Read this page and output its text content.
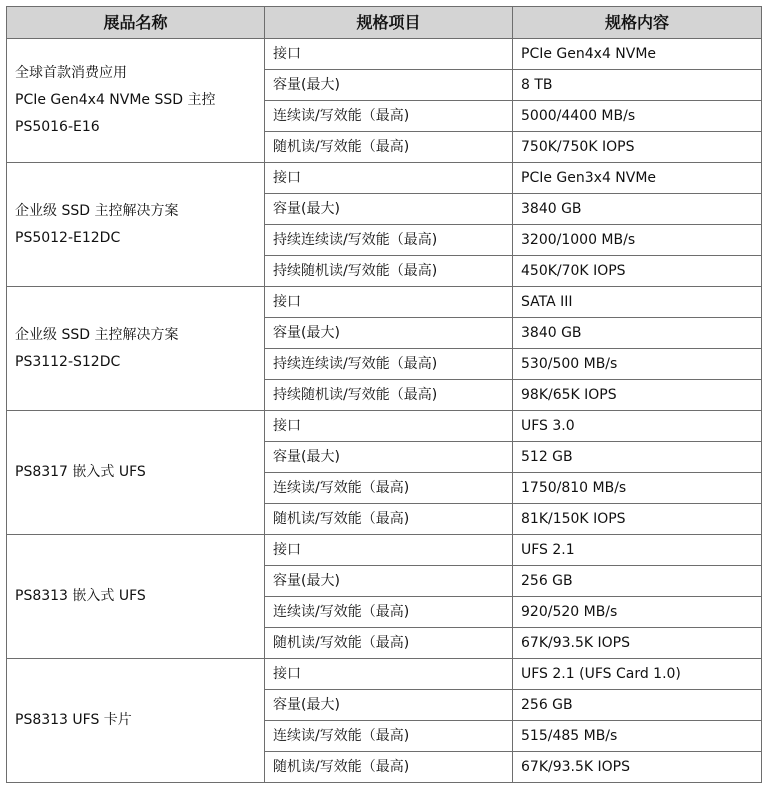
展品名称	规格项目	规格内容

全球首款消费应用
PCIe Gen4x4 NVMe SSD 主控
PS5016-E16	接口	PCIe Gen4x4 NVMe
	容量(最大)	8 TB
	连续读/写效能（最高)	5000/4400 MB/s
	随机读/写效能（最高)	750K/750K IOPS

企业级 SSD 主控解决方案
PS5012-E12DC	接口	PCIe Gen3x4 NVMe
	容量(最大)	3840 GB
	持续连续读/写效能（最高)	3200/1000 MB/s
	持续随机读/写效能（最高)	450K/70K IOPS

企业级 SSD 主控解决方案
PS3112-S12DC	接口	SATA III
	容量(最大)	3840 GB
	持续连续读/写效能（最高)	530/500 MB/s
	持续随机读/写效能（最高)	98K/65K IOPS

PS8317 嵌入式 UFS	接口	UFS 3.0
	容量(最大)	512 GB
	连续读/写效能（最高)	1750/810 MB/s
	随机读/写效能（最高)	81K/150K IOPS

PS8313 嵌入式 UFS	接口	UFS 2.1
	容量(最大)	256 GB
	连续读/写效能（最高)	920/520 MB/s
	随机读/写效能（最高)	67K/93.5K IOPS

PS8313 UFS 卡片	接口	UFS 2.1 (UFS Card 1.0)
	容量(最大)	256 GB
	连续读/写效能（最高)	515/485 MB/s
	随机读/写效能（最高)	67K/93.5K IOPS
